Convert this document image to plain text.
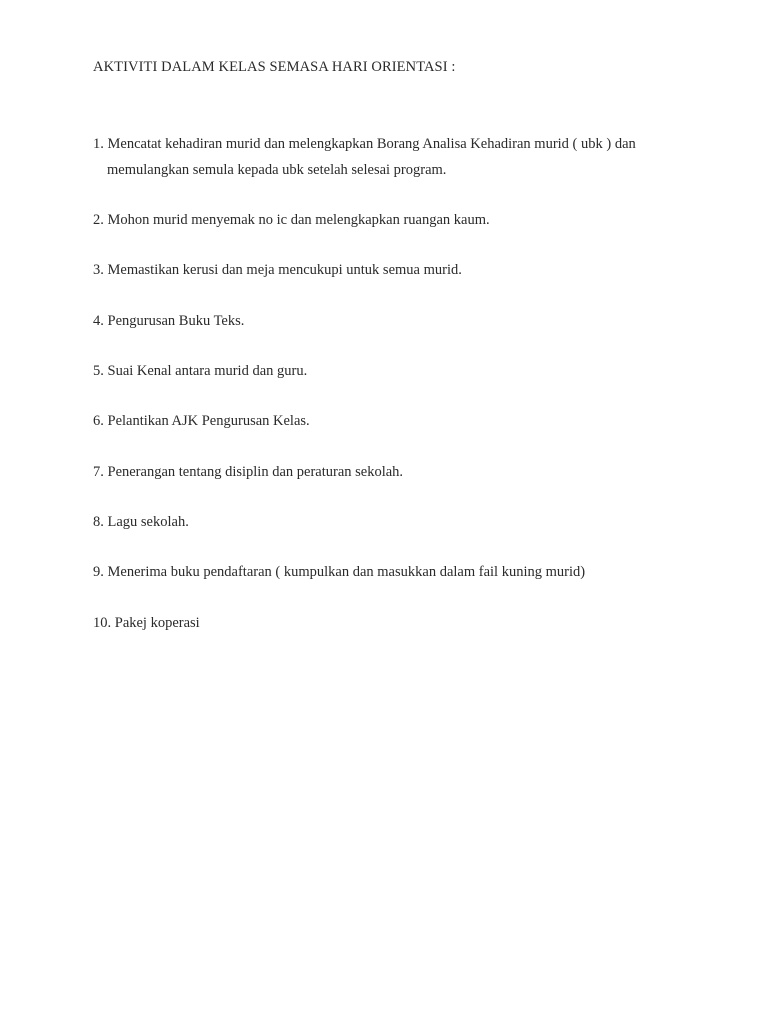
AKTIVITI DALAM KELAS SEMASA HARI ORIENTASI :

1. Mencatat kehadiran murid dan melengkapkan Borang Analisa Kehadiran murid ( ubk ) dan
memulangkan semula kepada ubk setelah selesai program.

2. Mohon murid menyemak no ic dan melengkapkan ruangan kaum.

3. Memastikan kerusi dan meja mencukupi untuk semua murid.

4. Pengurusan Buku Teks.

5. Suai Kenal antara murid dan guru.

6. Pelantikan AJK Pengurusan Kelas.

7. Penerangan tentang disiplin dan peraturan sekolah.

8. Lagu sekolah.

9. Menerima buku pendaftaran ( kumpulkan dan masukkan dalam fail kuning murid)

10. Pakej koperasi
